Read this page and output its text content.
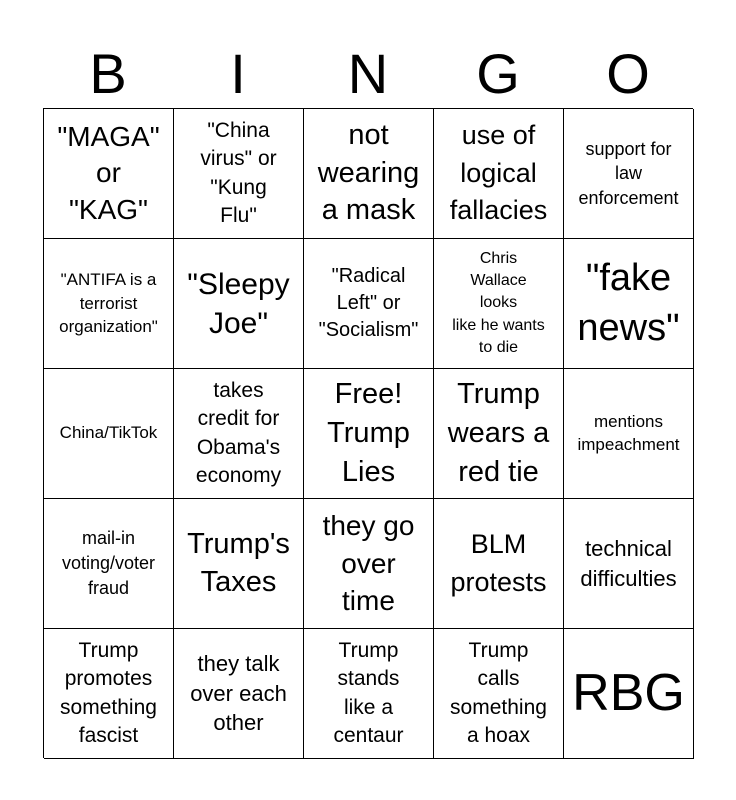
B	I	N	G	O
"MAGA"
or
"KAG"
"China
virus" or
"Kung
Flu"
not
wearing
a mask
use of
logical
fallacies
support for
law
enforcement
"ANTIFA is a
terrorist
organization"
"Sleepy
Joe"
"Radical
Left" or
"Socialism"
Chris
Wallace
looks
like he wants
to die
"fake
news"
China/TikTok
takes
credit for
Obama's
economy
Free!
Trump
Lies
Trump
wears a
red tie
mentions
impeachment
mail-in
voting/voter
fraud
Trump's
Taxes
they go
over
time
BLM
protests
technical
difficulties
Trump
promotes
something
fascist
they talk
over each
other
Trump
stands
like a
centaur
Trump
calls
something
a hoax
RBG
